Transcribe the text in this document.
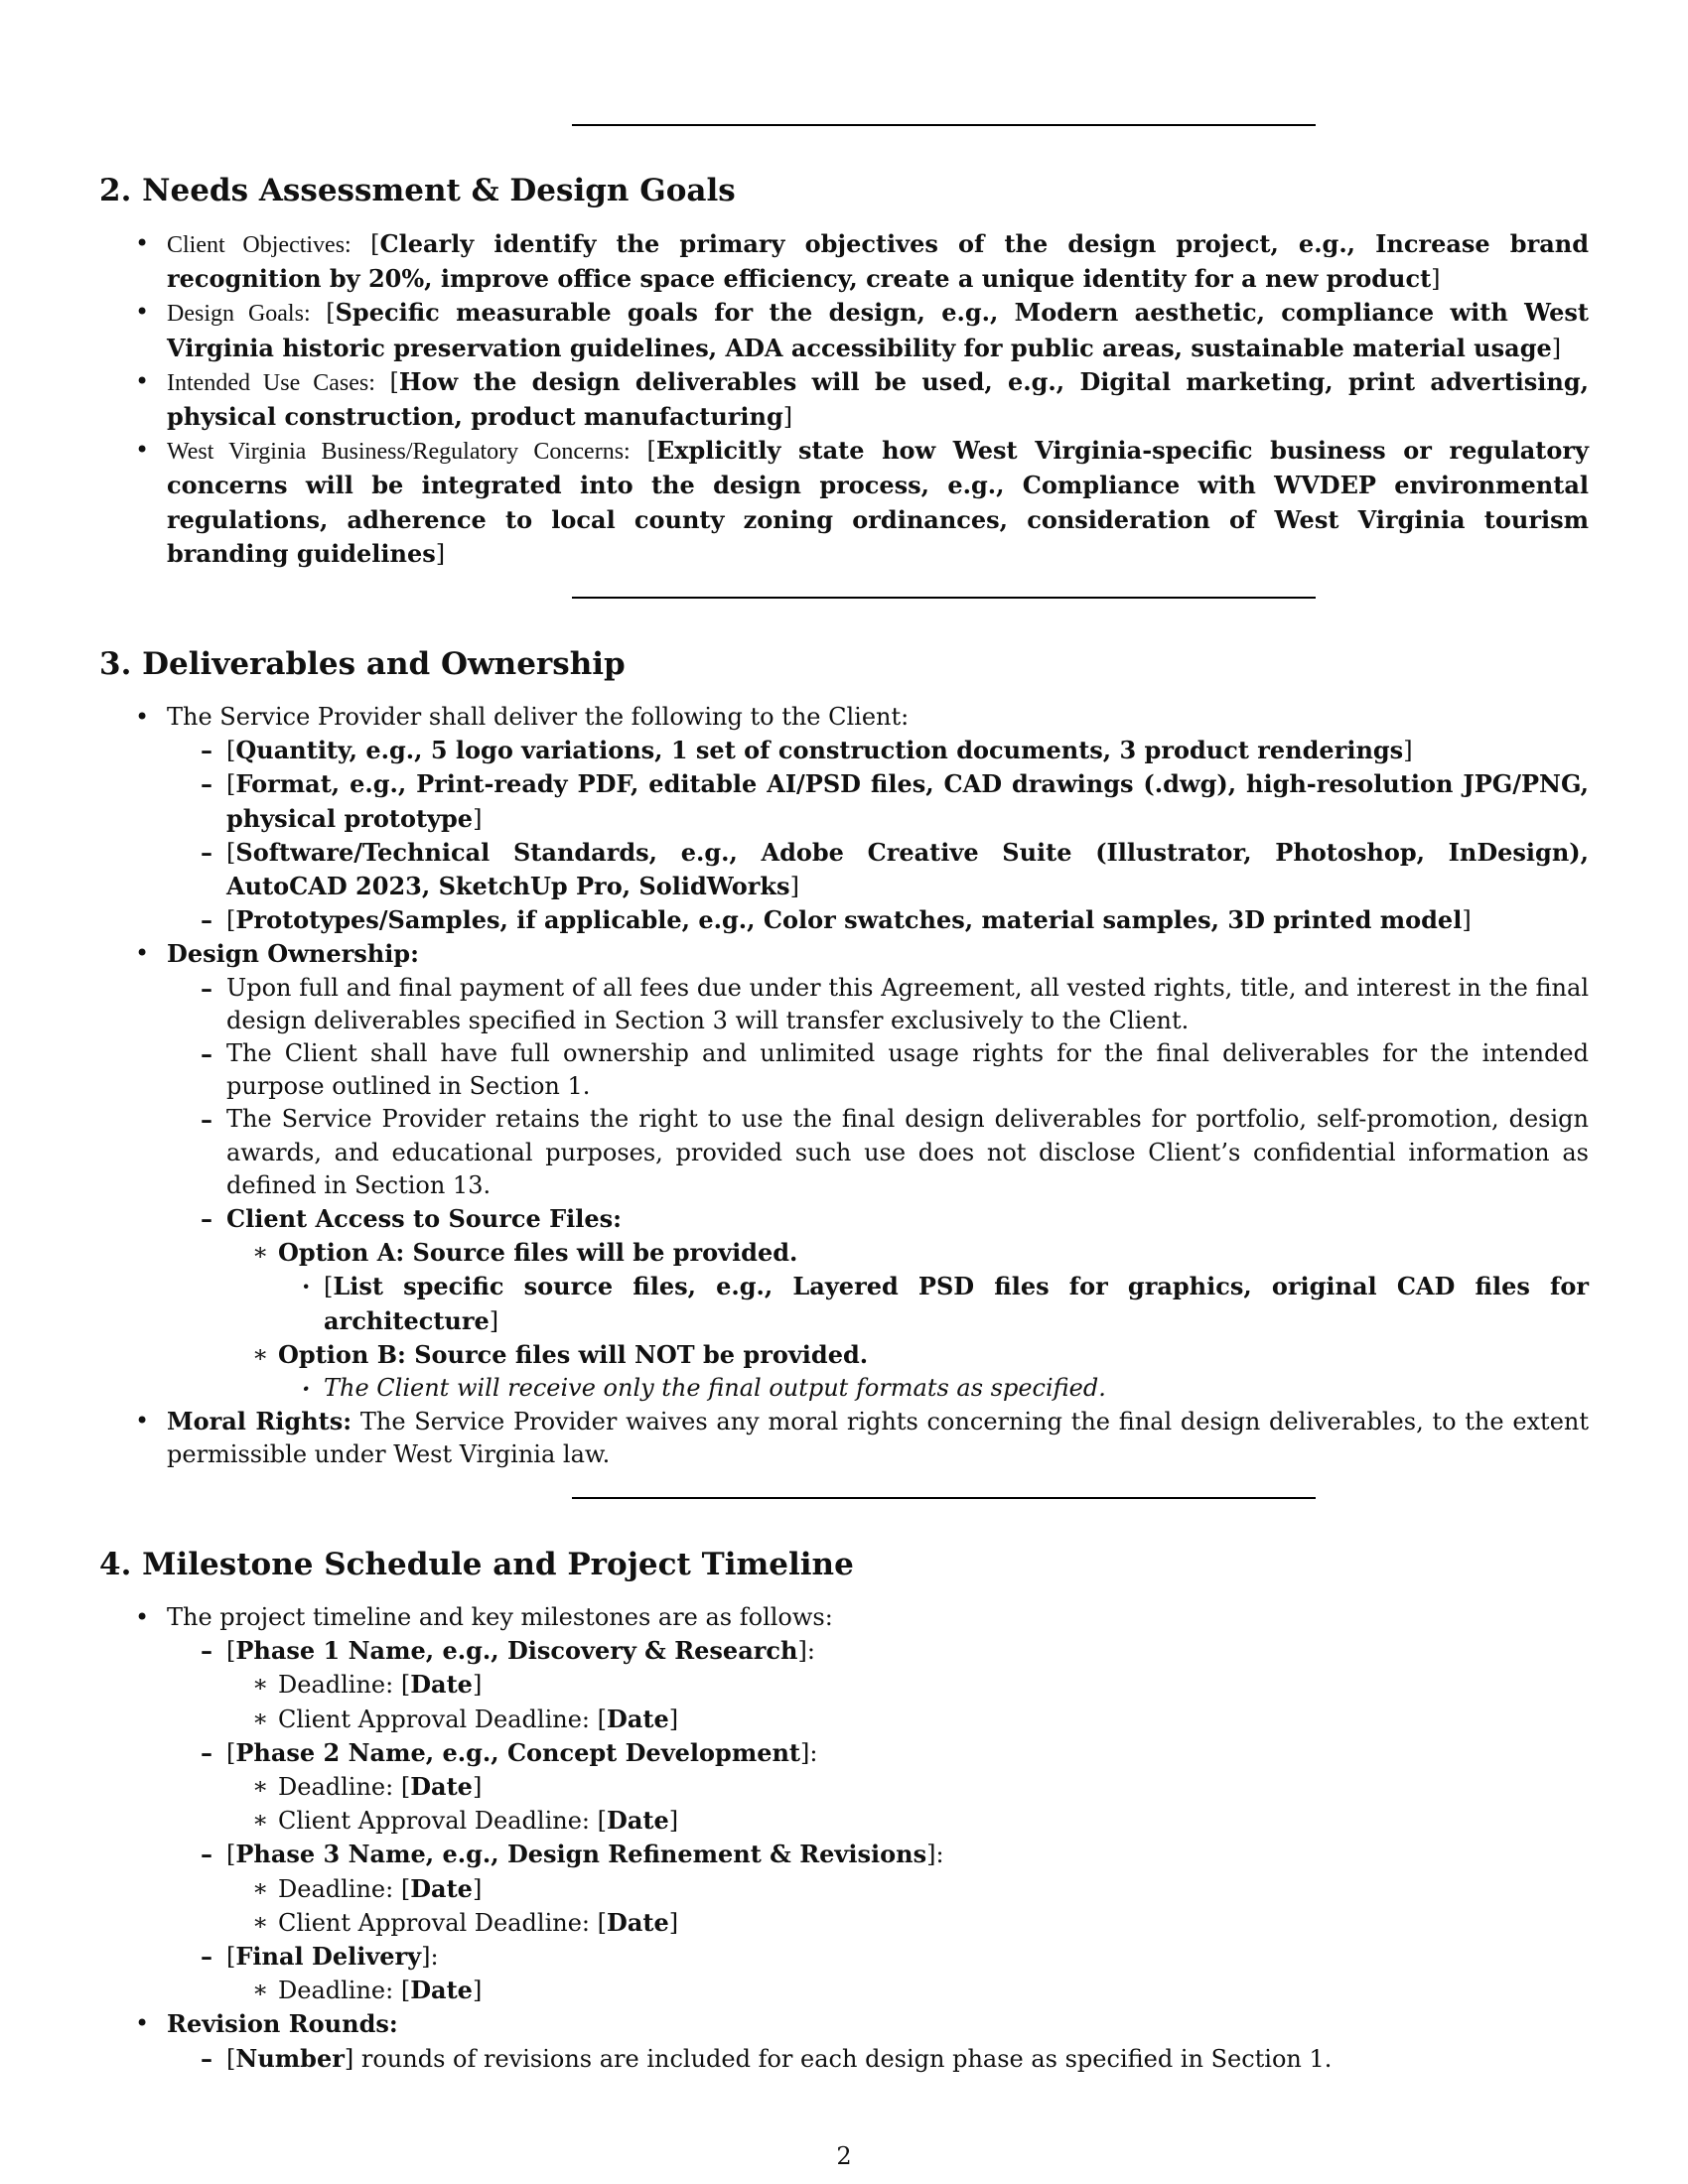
2. Needs Assessment & Design Goals
• Client Objectives: [Clearly identify the primary objectives of the design project, e.g., Increase brand recognition by 20%, improve office space efficiency, create a unique identity for a new product]
• Design Goals: [Specific measurable goals for the design, e.g., Modern aesthetic, compliance with West Virginia historic preservation guidelines, ADA accessibility for public areas, sustainable material usage]
• Intended Use Cases: [How the design deliverables will be used, e.g., Digital marketing, print advertising, physical construction, product manufacturing]
• West Virginia Business/Regulatory Concerns: [Explicitly state how West Virginia-specific business or regulatory concerns will be integrated into the design process, e.g., Compliance with WVDEP environmental regulations, adherence to local county zoning ordinances, consideration of West Virginia tourism branding guidelines]
3. Deliverables and Ownership
• The Service Provider shall deliver the following to the Client:
– [Quantity, e.g., 5 logo variations, 1 set of construction documents, 3 product renderings]
– [Format, e.g., Print-ready PDF, editable AI/PSD files, CAD drawings (.dwg), high-resolution JPG/PNG, physical prototype]
– [Software/Technical Standards, e.g., Adobe Creative Suite (Illustrator, Photoshop, InDesign), AutoCAD 2023, SketchUp Pro, SolidWorks]
– [Prototypes/Samples, if applicable, e.g., Color swatches, material samples, 3D printed model]
• Design Ownership:
– Upon full and final payment of all fees due under this Agreement, all vested rights, title, and interest in the final design deliverables specified in Section 3 will transfer exclusively to the Client.
– The Client shall have full ownership and unlimited usage rights for the final deliverables for the intended purpose outlined in Section 1.
– The Service Provider retains the right to use the final design deliverables for portfolio, self-promotion, design awards, and educational purposes, provided such use does not disclose Client’s confidential information as defined in Section 13.
– Client Access to Source Files:
∗ Option A: Source files will be provided.
· [List specific source files, e.g., Layered PSD files for graphics, original CAD files for architecture]
∗ Option B: Source files will NOT be provided.
· The Client will receive only the final output formats as specified.
• Moral Rights: The Service Provider waives any moral rights concerning the final design deliverables, to the extent permissible under West Virginia law.
4. Milestone Schedule and Project Timeline
• The project timeline and key milestones are as follows:
– [Phase 1 Name, e.g., Discovery & Research]:
∗ Deadline: [Date]
∗ Client Approval Deadline: [Date]
– [Phase 2 Name, e.g., Concept Development]:
∗ Deadline: [Date]
∗ Client Approval Deadline: [Date]
– [Phase 3 Name, e.g., Design Refinement & Revisions]:
∗ Deadline: [Date]
∗ Client Approval Deadline: [Date]
– [Final Delivery]:
∗ Deadline: [Date]
• Revision Rounds:
– [Number] rounds of revisions are included for each design phase as specified in Section 1.
2
